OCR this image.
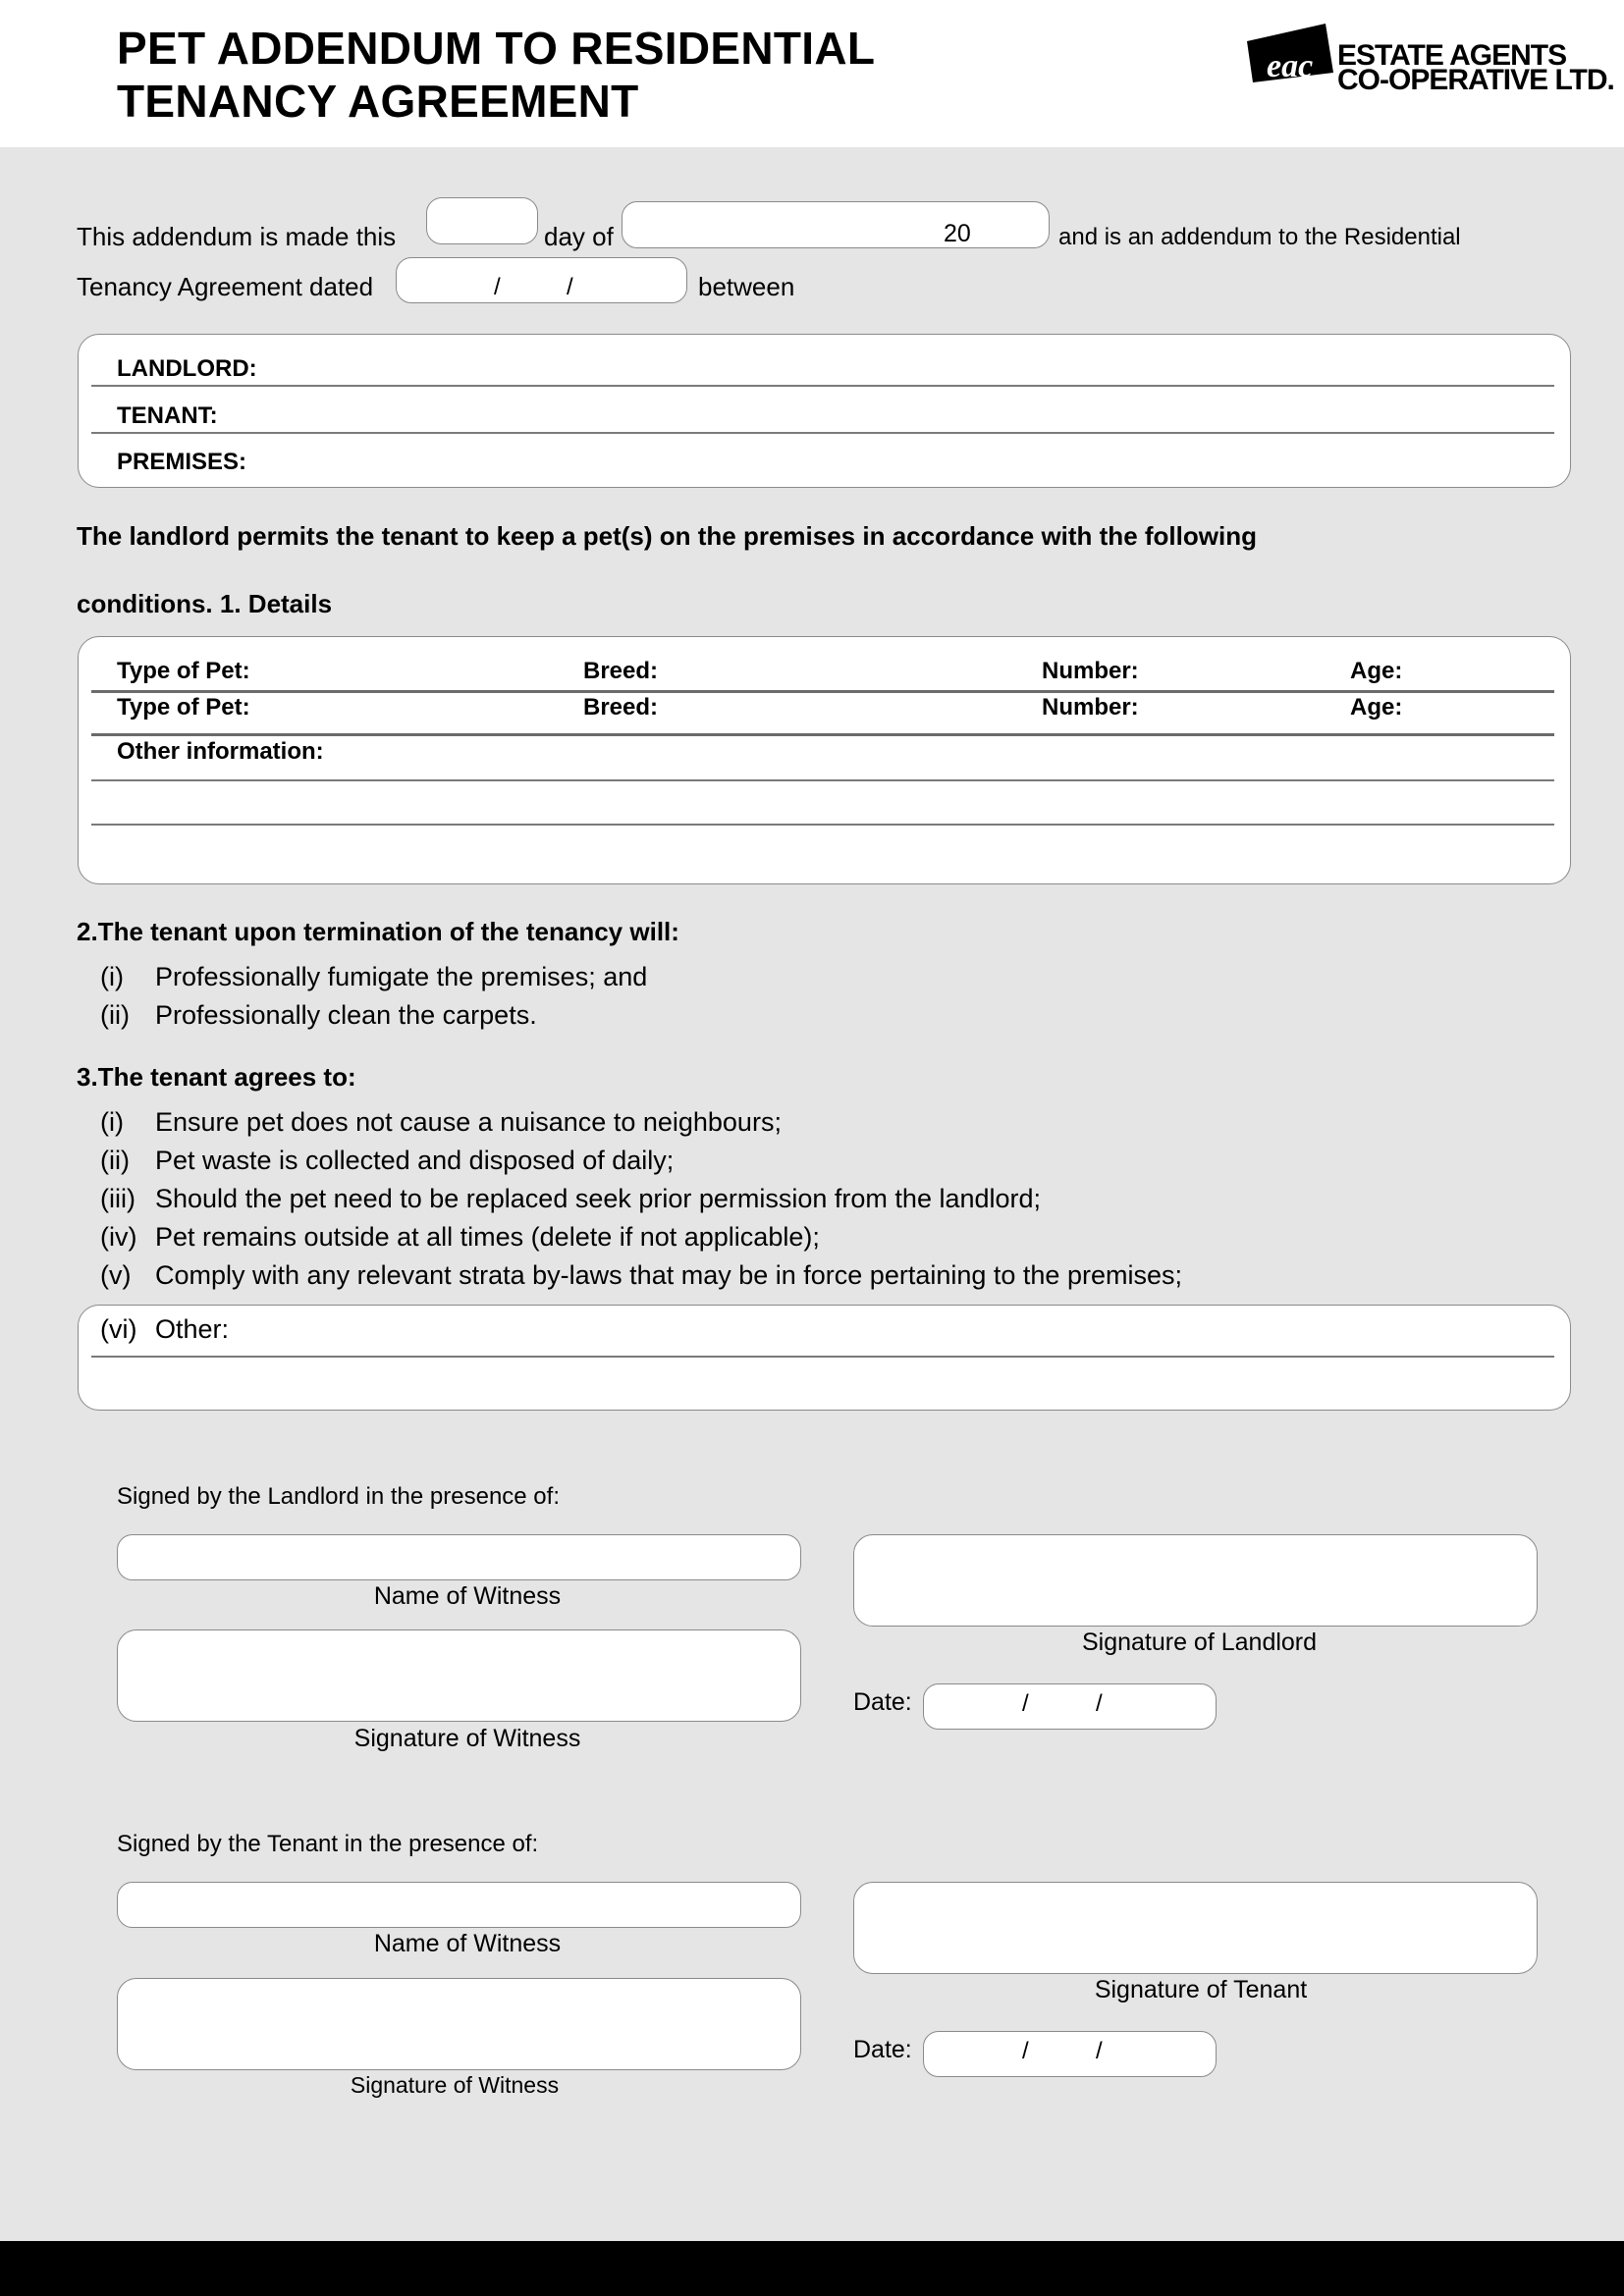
PET ADDENDUM TO RESIDENTIAL
TENANCY AGREEMENT
eac ESTATE AGENTS
CO-OPERATIVE LTD.
This addendum is made this	day of	20	and is an addendum to the Residential
Tenancy Agreement dated	/	/	between
LANDLORD:
TENANT:
PREMISES:
The landlord permits the tenant to keep a pet(s) on the premises in accordance with the following
conditions. 1. Details
Type of Pet:	Breed:	Number:	Age:
Type of Pet:	Breed:	Number:	Age:
Other information:
2.The tenant upon termination of the tenancy will:
(i) Professionally fumigate the premises; and
(ii) Professionally clean the carpets.
3.The tenant agrees to:
(i) Ensure pet does not cause a nuisance to neighbours;
(ii) Pet waste is collected and disposed of daily;
(iii) Should the pet need to be replaced seek prior permission from the landlord;
(iv) Pet remains outside at all times (delete if not applicable);
(v) Comply with any relevant strata by-laws that may be in force pertaining to the premises;
(vi) Other:
Signed by the Landlord in the presence of:
Name of Witness
Signature of Witness
Signature of Landlord
Date:	/	/
Signed by the Tenant in the presence of:
Name of Witness
Signature of Witness
Signature of Tenant
Date:	/	/
